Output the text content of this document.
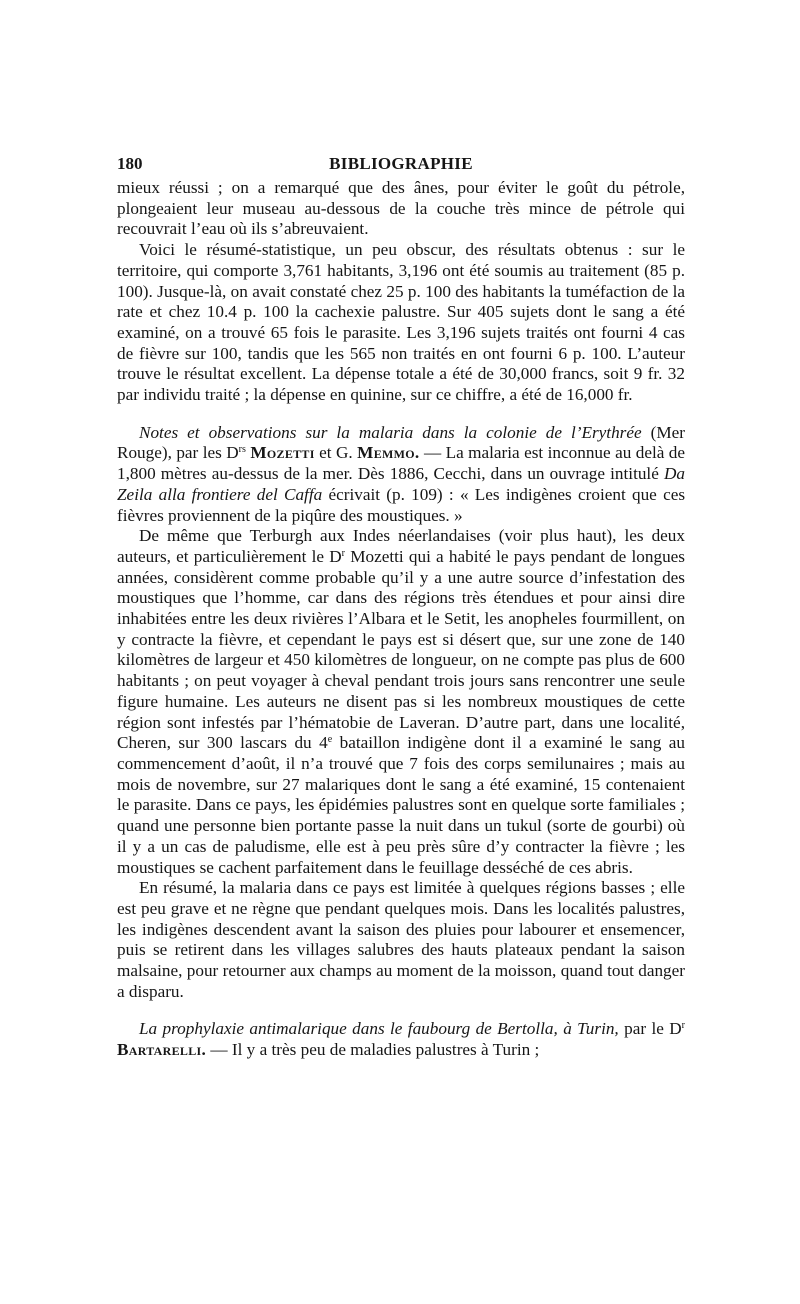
180	BIBLIOGRAPHIE

mieux réussi ; on a remarqué que des ânes, pour éviter le goût du pétrole, plongeaient leur museau au-dessous de la couche très mince de pétrole qui recouvrait l’eau où ils s’abreuvaient.

Voici le résumé-statistique, un peu obscur, des résultats obtenus : sur le territoire, qui comporte 3,761 habitants, 3,196 ont été soumis au traitement (85 p. 100). Jusque-là, on avait constaté chez 25 p. 100 des habitants la tuméfaction de la rate et chez 10.4 p. 100 la cachexie palustre. Sur 405 sujets dont le sang a été examiné, on a trouvé 65 fois le parasite. Les 3,196 sujets traités ont fourni 4 cas de fièvre sur 100, tandis que les 565 non traités en ont fourni 6 p. 100. L’auteur trouve le résultat excellent. La dépense totale a été de 30,000 francs, soit 9 fr. 32 par individu traité ; la dépense en quinine, sur ce chiffre, a été de 16,000 fr.

Notes et observations sur la malaria dans la colonie de l’Erythrée (Mer Rouge), par les $D^{rs}$ Mozetti et G. Memmo. — La malaria est inconnue au delà de 1,800 mètres au-dessus de la mer. Dès 1886, Cecchi, dans un ouvrage intitulé Da Zeila alla frontiere del Caffa écrivait (p. 109) : « Les indigènes croient que ces fièvres proviennent de la piqûre des moustiques. »

De même que Terburgh aux Indes néerlandaises (voir plus haut), les deux auteurs, et particulièrement le $D^r$ Mozetti qui a habité le pays pendant de longues années, considèrent comme probable qu’il y a une autre source d’infestation des moustiques que l’homme, car dans des régions très étendues et pour ainsi dire inhabitées entre les deux rivières l’Albara et le Setit, les anopheles fourmillent, on y contracte la fièvre, et cependant le pays est si désert que, sur une zone de 140 kilomètres de largeur et 450 kilomètres de longueur, on ne compte pas plus de 600 habitants ; on peut voyager à cheval pendant trois jours sans rencontrer une seule figure humaine. Les auteurs ne disent pas si les nombreux moustiques de cette région sont infestés par l’hématobie de Laveran. D’autre part, dans une localité, Cheren, sur 300 lascars du 4e bataillon indigène dont il a examiné le sang au commencement d’août, il n’a trouvé que 7 fois des corps semilunaires ; mais au mois de novembre, sur 27 malariques dont le sang a été examiné, 15 contenaient le parasite. Dans ce pays, les épidémies palustres sont en quelque sorte familiales ; quand une personne bien portante passe la nuit dans un tukul (sorte de gourbi) où il y a un cas de paludisme, elle est à peu près sûre d’y contracter la fièvre ; les moustiques se cachent parfaitement dans le feuillage desséché de ces abris.

En résumé, la malaria dans ce pays est limitée à quelques régions basses ; elle est peu grave et ne règne que pendant quelques mois. Dans les localités palustres, les indigènes descendent avant la saison des pluies pour labourer et ensemencer, puis se retirent dans les villages salubres des hauts plateaux pendant la saison malsaine, pour retourner aux champs au moment de la moisson, quand tout danger a disparu.

La prophylaxie antimalarique dans le faubourg de Bertolla, à Turin, par le $D^r$ Bartarelli. — Il y a très peu de maladies palustres à Turin ;
